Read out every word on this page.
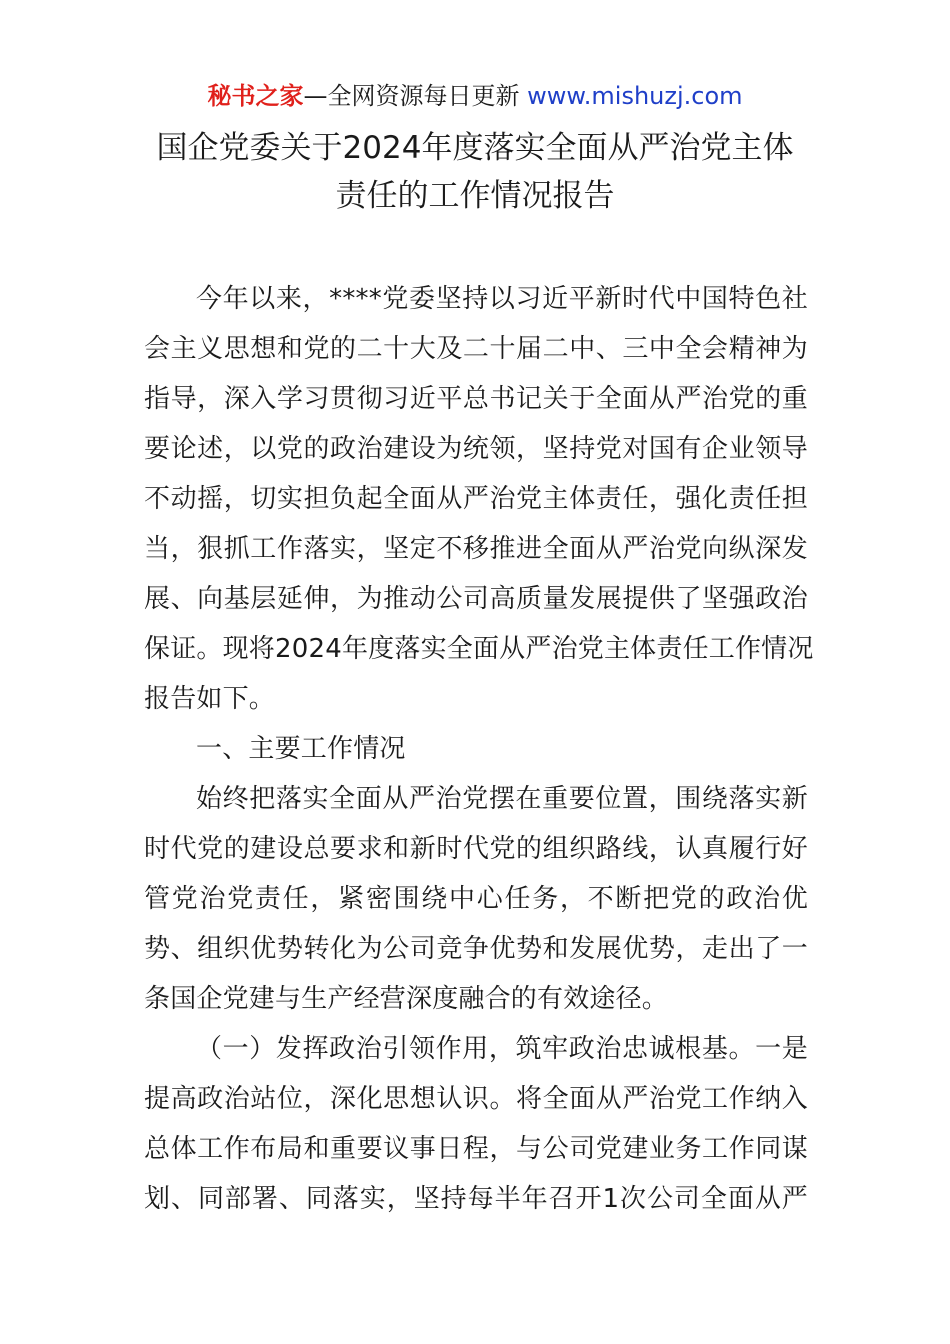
秘书之家—全网资源每日更新 www.mishuzj.com
国企党委关于2024年度落实全面从严治党主体
责任的工作情况报告
今年以来，****党委坚持以习近平新时代中国特色社
会主义思想和党的二十大及二十届二中、三中全会精神为
指导，深入学习贯彻习近平总书记关于全面从严治党的重
要论述，以党的政治建设为统领，坚持党对国有企业领导
不动摇，切实担负起全面从严治党主体责任，强化责任担
当，狠抓工作落实，坚定不移推进全面从严治党向纵深发
展、向基层延伸，为推动公司高质量发展提供了坚强政治
保证。现将2024年度落实全面从严治党主体责任工作情况
报告如下。
一、主要工作情况
始终把落实全面从严治党摆在重要位置，围绕落实新
时代党的建设总要求和新时代党的组织路线，认真履行好
管党治党责任，紧密围绕中心任务，不断把党的政治优
势、组织优势转化为公司竞争优势和发展优势，走出了一
条国企党建与生产经营深度融合的有效途径。
（一）发挥政治引领作用，筑牢政治忠诚根基。一是
提高政治站位，深化思想认识。将全面从严治党工作纳入
总体工作布局和重要议事日程，与公司党建业务工作同谋
划、同部署、同落实，坚持每半年召开1次公司全面从严
